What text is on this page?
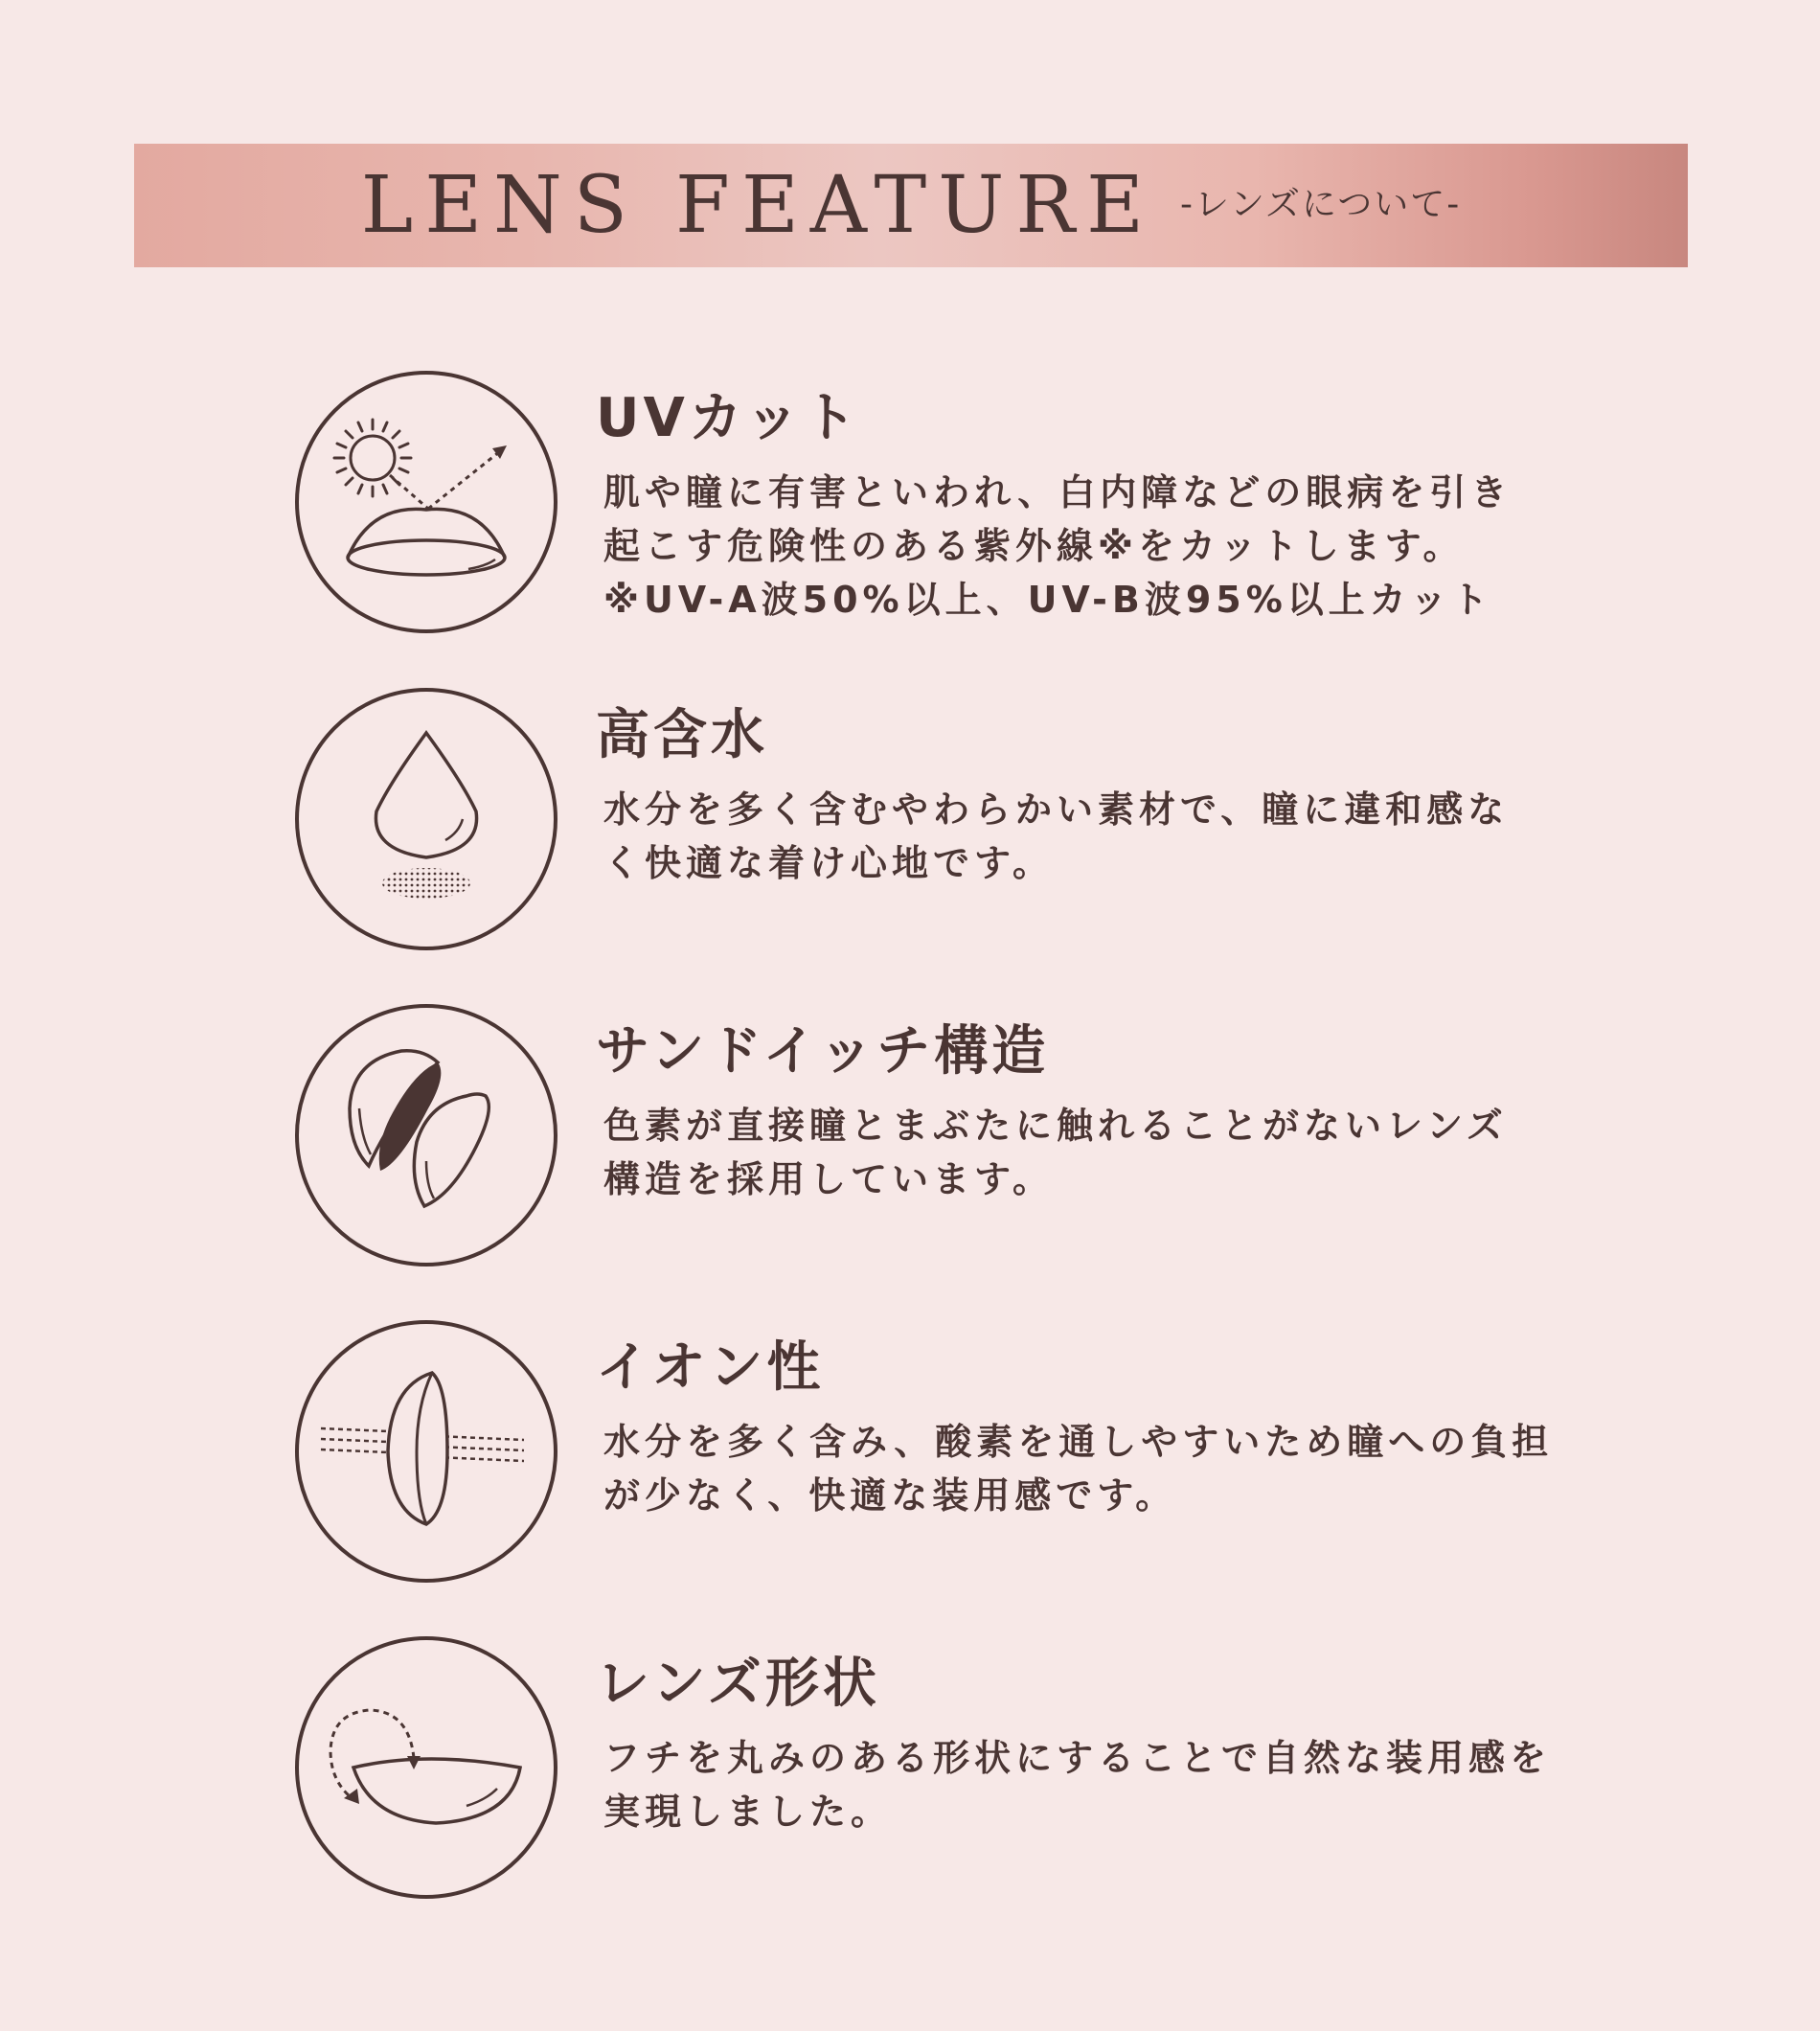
LENS FEATURE -レンズについて-
UVカット
肌や瞳に有害といわれ、白内障などの眼病を引き
起こす危険性のある紫外線※をカットします。
※UV-A波50%以上、UV-B波95%以上カット
高含水
水分を多く含むやわらかい素材で、瞳に違和感な
く快適な着け心地です。
サンドイッチ構造
色素が直接瞳とまぶたに触れることがないレンズ
構造を採用しています。
イオン性
水分を多く含み、酸素を通しやすいため瞳への負担
が少なく、快適な装用感です。
レンズ形状
フチを丸みのある形状にすることで自然な装用感を
実現しました。
